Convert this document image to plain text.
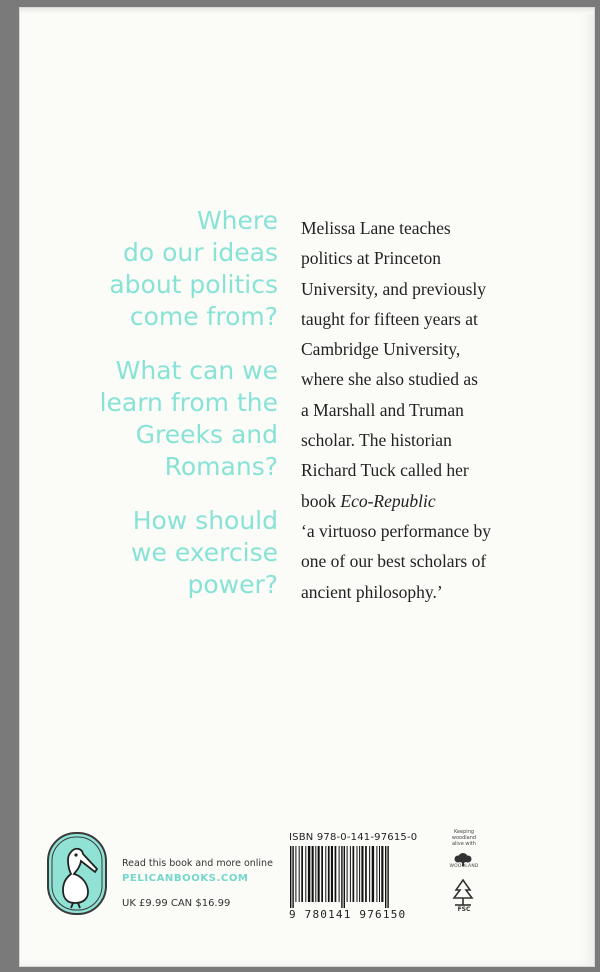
Where
do our ideas
about politics
come from?
What can we
learn from the
Greeks and
Romans?
How should
we exercise
power?
Melissa Lane teaches
politics at Princeton
University, and previously
taught for fifteen years at
Cambridge University,
where she also studied as
a Marshall and Truman
scholar. The historian
Richard Tuck called her
book Eco-Republic
‘a virtuoso performance by
one of our best scholars of
ancient philosophy.’
Read this book and more online
PELICANBOOKS.COM
UK £9.99 CAN $16.99
ISBN 978-0-141-97615-0
9 780141 976150
Keeping woodland alive with
WOODLAND
FSC
